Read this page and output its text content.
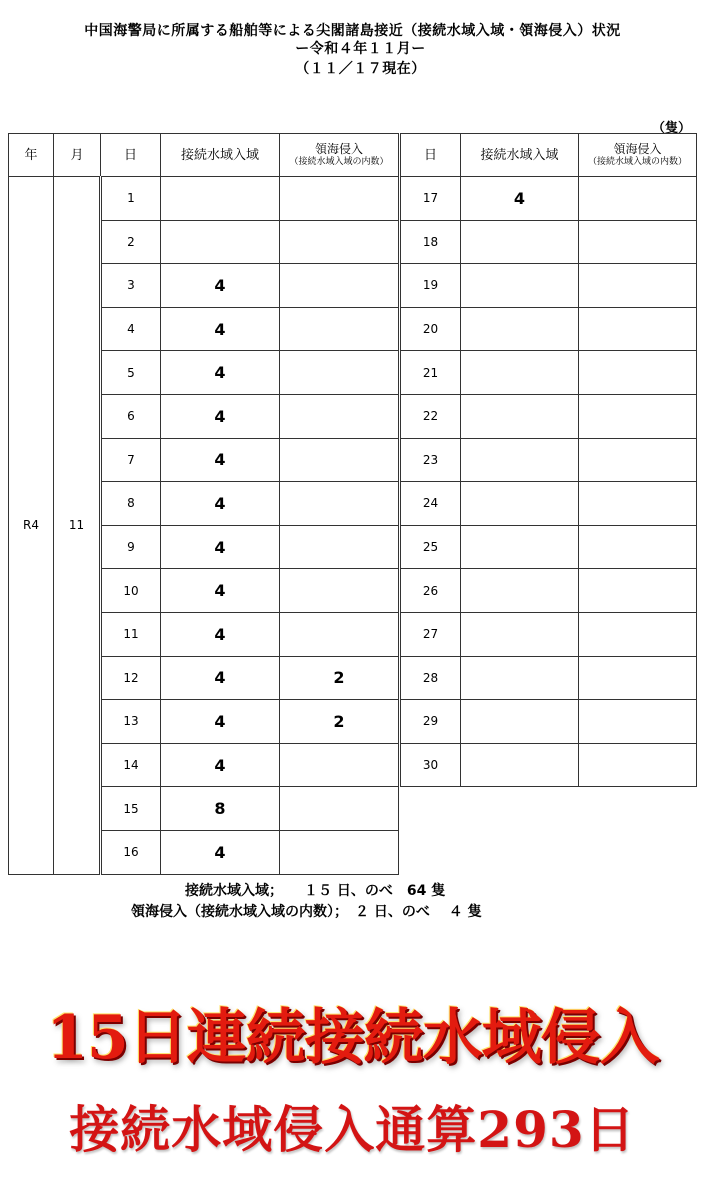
中国海警局に所属する船舶等による尖閣諸島接近（接続水域入域・領海侵入）状況
ー令和４年１１月ー
（１１／１７現在）
（隻）
年	月	日	接続水域入域	領海侵入
（接続水域入域の内数）

R4	11	1		
		2		
		3	4	
		4	4	
		5	4	
		6	4	
		7	4	
		8	4	
		9	4	
		10	4	
		11	4	
		12	4	2
		13	4	2
		14	4	
		15	8	
		16	4	
日	接続水域入域	領海侵入
（接続水域入域の内数）

17	4	
18		
19		
20		
21		
22		
23		
24		
25		
26		
27		
28		
29		
30		
接続水域入域；　　１５ 日、のべ　64 隻
領海侵入（接続水域入域の内数）；　２ 日、のべ　 ４ 隻
15日連続接続水域侵入
接続水域侵入通算293日
